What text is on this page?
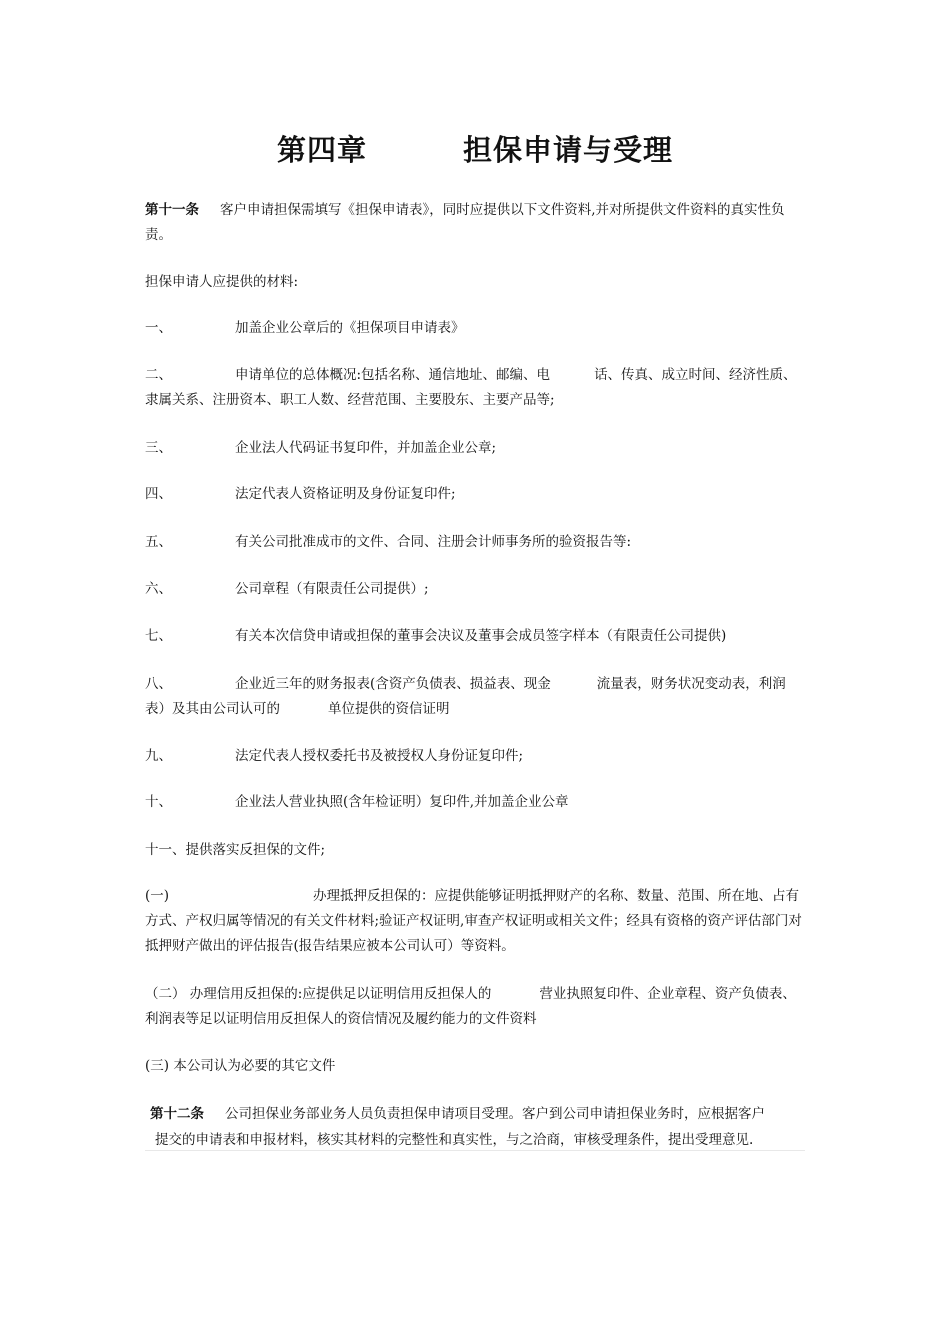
第四章	担保申请与受理
第十一条 客户申请担保需填写《担保申请表》，同时应提供以下文件资料,并对所提供文件资料的真实性负责。
担保申请人应提供的材料:
一、	加盖企业公章后的《担保项目申请表》
二、	申请单位的总体概况:包括名称、通信地址、邮编、电	话、传真、成立时间、经济性质、隶属关系、注册资本、职工人数、经营范围、主要股东、主要产品等;
三、	企业法人代码证书复印件，并加盖企业公章;
四、	法定代表人资格证明及身份证复印件;
五、	有关公司批准成市的文件、合同、注册会计师事务所的验资报告等:
六、	公司章程（有限责任公司提供）;
七、	有关本次信贷申请或担保的董事会决议及董事会成员签字样本（有限责任公司提供)
八、	企业近三年的财务报表(含资产负债表、损益表、现金	流量表，财务状况变动表，利润表）及其由公司认可的	单位提供的资信证明
九、	法定代表人授权委托书及被授权人身份证复印件;
十、	企业法人营业执照(含年检证明）复印件,并加盖企业公章
十一、提供落实反担保的文件;
(一)	办理抵押反担保的：应提供能够证明抵押财产的名称、数量、范围、所在地、占有方式、产权归属等情况的有关文件材料;验证产权证明,审查产权证明或相关文件；经具有资格的资产评估部门对抵押财产做出的评估报告(报告结果应被本公司认可）等资料。
（二） 办理信用反担保的:应提供足以证明信用反担保人的	营业执照复印件、企业章程、资产负债表、利润表等足以证明信用反担保人的资信情况及履约能力的文件资料
(三) 本公司认为必要的其它文件
第十二条 公司担保业务部业务人员负责担保申请项目受理。客户到公司申请担保业务时，应根据客户
提交的申请表和申报材料，核实其材料的完整性和真实性，与之洽商，审核受理条件，提出受理意见.
